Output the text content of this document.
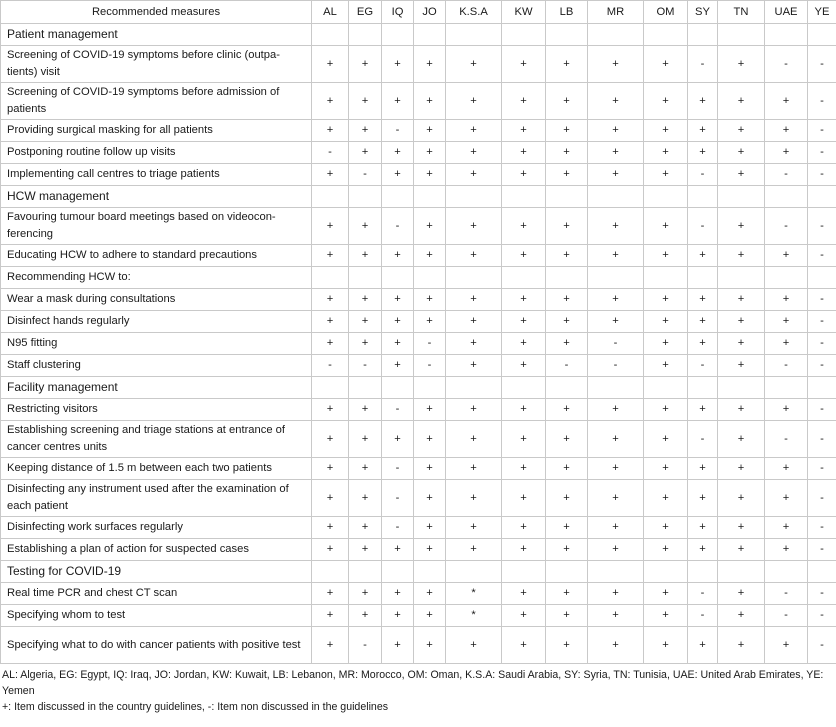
Recommended measures	AL	EG	IQ	JO	K.S.A	KW	LB	MR	OM	SY	TN	UAE	YE
Patient management													
Screening of COVID-19 symptoms before clinic (outpa-tients) visit	+	+	+	+	+	+	+	+	+	-	+	-	-
Screening of COVID-19 symptoms before admission of patients	+	+	+	+	+	+	+	+	+	+	+	+	-
Providing surgical masking for all patients	+	+	-	+	+	+	+	+	+	+	+	+	-
Postponing routine follow up visits	-	+	+	+	+	+	+	+	+	+	+	+	-
Implementing call centres to triage patients	+	-	+	+	+	+	+	+	+	-	+	-	-
HCW management													
Favouring tumour board meetings based on videocon-ferencing	+	+	-	+	+	+	+	+	+	-	+	-	-
Educating HCW to adhere to standard precautions	+	+	+	+	+	+	+	+	+	+	+	+	-
Recommending HCW to:													
Wear a mask during consultations	+	+	+	+	+	+	+	+	+	+	+	+	-
Disinfect hands regularly	+	+	+	+	+	+	+	+	+	+	+	+	-
N95 fitting	+	+	+	-	+	+	+	-	+	+	+	+	-
Staff clustering	-	-	+	-	+	+	-	-	+	-	+	-	-
Facility management													
Restricting visitors	+	+	-	+	+	+	+	+	+	+	+	+	-
Establishing screening and triage stations at entrance of cancer centres units	+	+	+	+	+	+	+	+	+	-	+	-	-
Keeping distance of 1.5 m between each two patients	+	+	-	+	+	+	+	+	+	+	+	+	-
Disinfecting any instrument used after the examination of each patient	+	+	-	+	+	+	+	+	+	+	+	+	-
Disinfecting work surfaces regularly	+	+	-	+	+	+	+	+	+	+	+	+	-
Establishing a plan of action for suspected cases	+	+	+	+	+	+	+	+	+	+	+	+	-
Testing for COVID-19													
Real time PCR and chest CT scan	+	+	+	+	*	+	+	+	+	-	+	-	-
Specifying whom to test	+	+	+	+	*	+	+	+	+	-	+	-	-
Specifying what to do with cancer patients with positive test	+	-	+	+	+	+	+	+	+	+	+	+	-

AL: Algeria, EG: Egypt, IQ: Iraq, JO: Jordan, KW: Kuwait, LB: Lebanon, MR: Morocco, OM: Oman, K.S.A: Saudi Arabia, SY: Syria, TN: Tunisia, UAE: United Arab Emirates, YE: Yemen

+: Item discussed in the country guidelines, -: Item non discussed in the guidelines
